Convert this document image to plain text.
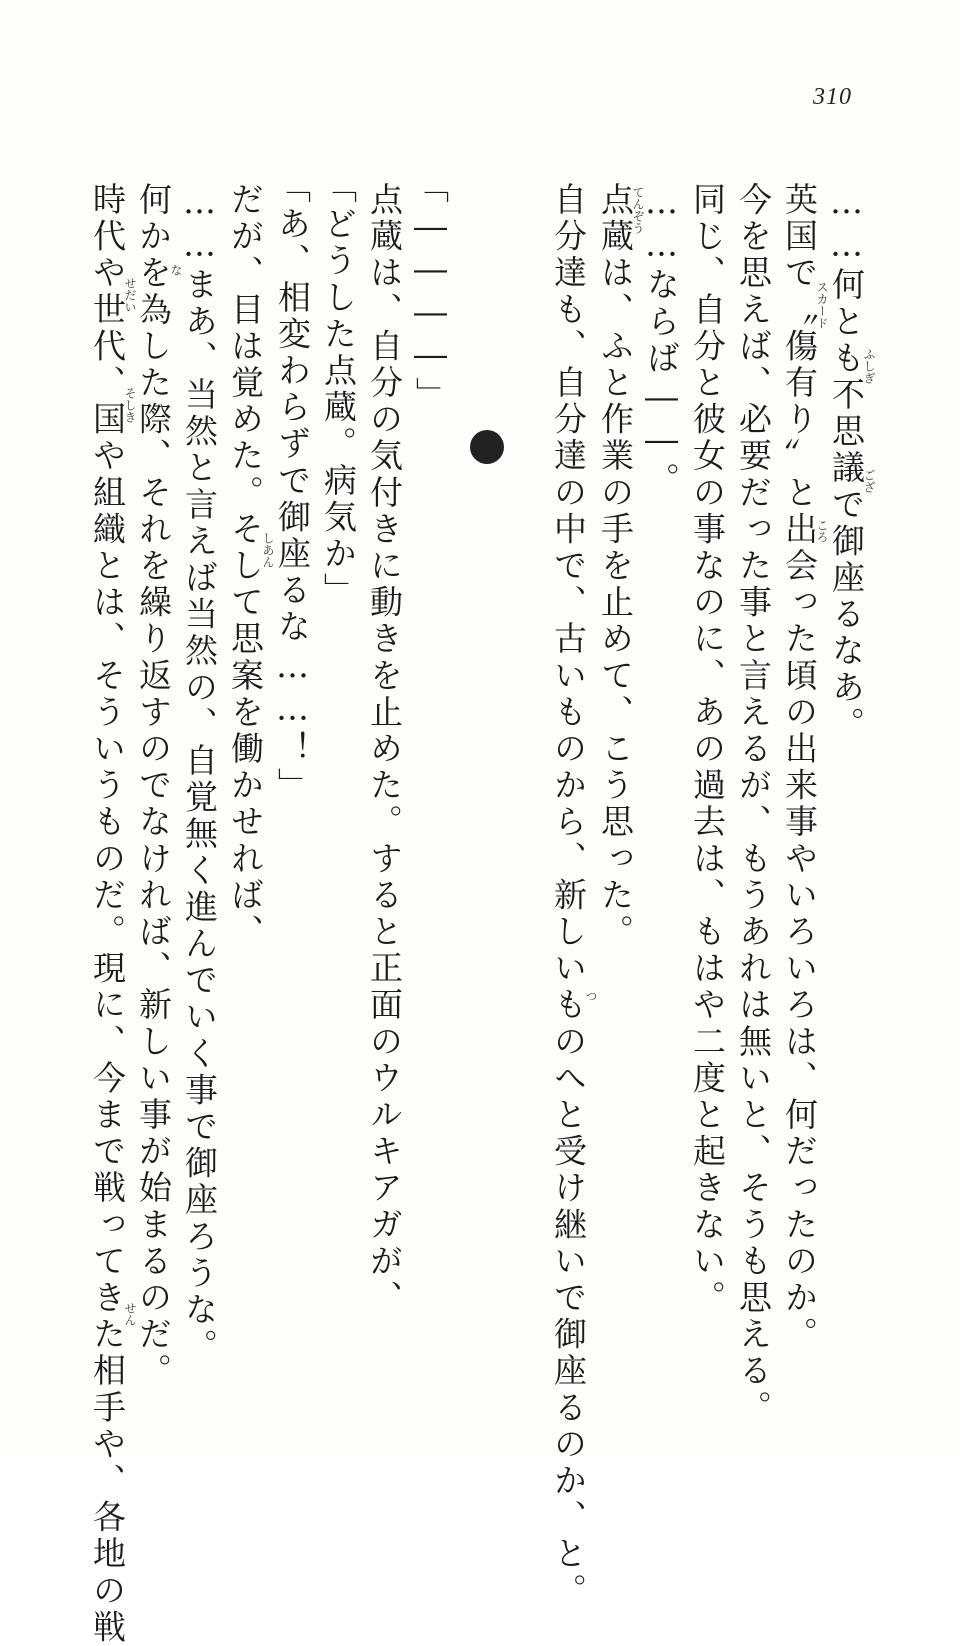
310
……何とも不思議で御座るなあ。
英国で〝傷有り〟と出会った頃の出来事やいろいろは、何だったのか。
今を思えば、必要だった事と言えるが、もうあれは無いと、そうも思える。
同じ、自分と彼女の事なのに、あの過去は、もはや二度と起きない。
……ならば――。
点蔵は、ふと作業の手を止めて、こう思った。
自分達も、自分達の中で、古いものから、新しいものへと受け継いで御座るのか、と。
「――――」
点蔵は、自分の気付きに動きを止めた。すると正面のウルキアガが、
「どうした点蔵。病気か」
「あ、相変わらずで御座るな……！」
だが、目は覚めた。そして思案を働かせれば、
……まあ、当然と言えば当然の、自覚無く進んでいく事で御座ろうな。
何かを為した際、それを繰り返すのでなければ、新しい事が始まるのだ。
時代や世代、国や組織とは、そういうものだ。現に、今まで戦ってきた相手や、各地の戦	ふしぎ
ござ
スカード
ころ
てんぞう
つ
しあん
な
そしき
せだい
せん
